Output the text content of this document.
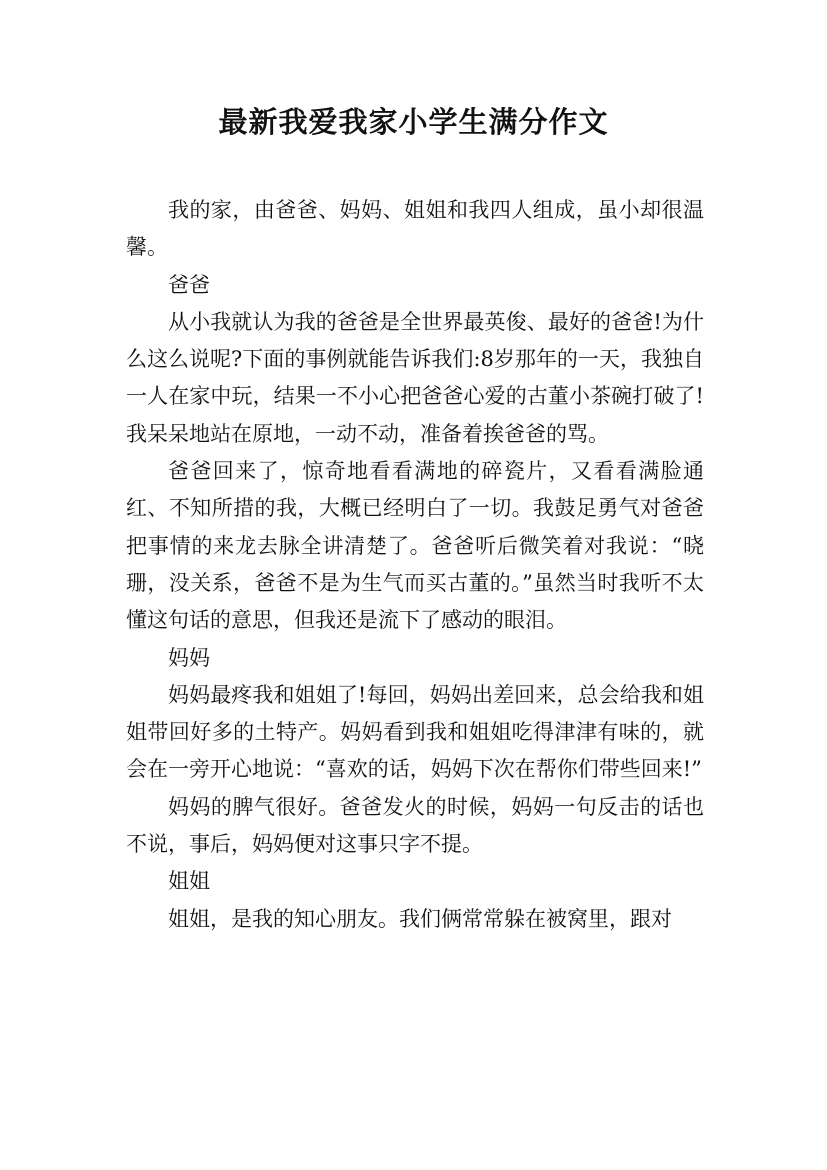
最新我爱我家小学生满分作文

我的家，由爸爸、妈妈、姐姐和我四人组成，虽小却很温馨。

爸爸

从小我就认为我的爸爸是全世界最英俊、最好的爸爸!为什么这么说呢?下面的事例就能告诉我们:8岁那年的一天，我独自一人在家中玩，结果一不小心把爸爸心爱的古董小茶碗打破了!我呆呆地站在原地，一动不动，准备着挨爸爸的骂。

爸爸回来了，惊奇地看看满地的碎瓷片，又看看满脸通红、不知所措的我，大概已经明白了一切。我鼓足勇气对爸爸把事情的来龙去脉全讲清楚了。爸爸听后微笑着对我说：“晓珊，没关系，爸爸不是为生气而买古董的。”虽然当时我听不太懂这句话的意思，但我还是流下了感动的眼泪。

妈妈

妈妈最疼我和姐姐了!每回，妈妈出差回来，总会给我和姐姐带回好多的土特产。妈妈看到我和姐姐吃得津津有味的，就会在一旁开心地说：“喜欢的话，妈妈下次在帮你们带些回来!”

妈妈的脾气很好。爸爸发火的时候，妈妈一句反击的话也不说，事后，妈妈便对这事只字不提。

姐姐

姐姐，是我的知心朋友。我们俩常常躲在被窝里，跟对
